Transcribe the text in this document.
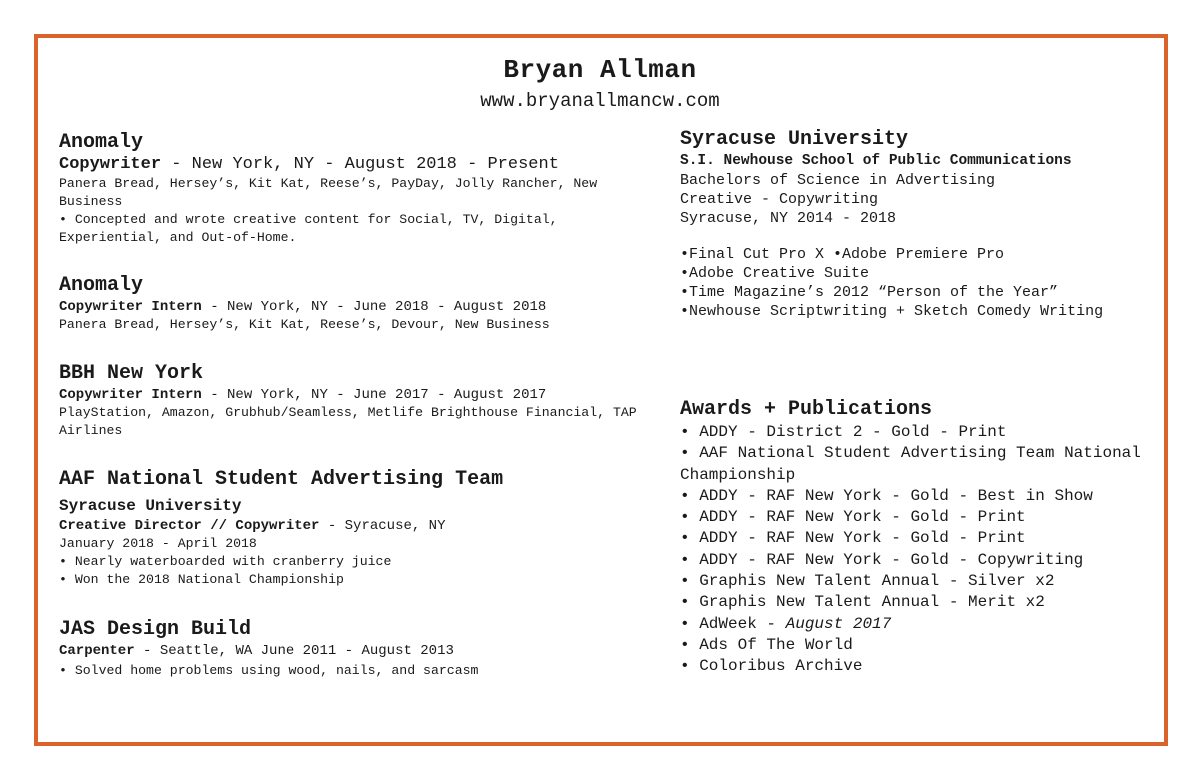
Bryan Allman
www.bryanallmancw.com
Anomaly
Copywriter - New York, NY - August 2018 - Present
Panera Bread, Hersey’s, Kit Kat, Reese’s, PayDay, Jolly Rancher, New Business
• Concepted and wrote creative content for Social, TV, Digital, Experiential, and Out-of-Home.
Anomaly
Copywriter Intern - New York, NY - June 2018 - August 2018
Panera Bread, Hersey’s, Kit Kat, Reese’s, Devour, New Business
BBH New York
Copywriter Intern - New York, NY - June 2017 - August 2017
PlayStation, Amazon, Grubhub/Seamless, Metlife Brighthouse Financial, TAP Airlines
AAF National Student Advertising Team
Syracuse University
Creative Director // Copywriter - Syracuse, NY
January 2018 - April 2018
• Nearly waterboarded with cranberry juice
• Won the 2018 National Championship
JAS Design Build
Carpenter - Seattle, WA June 2011 - August 2013
• Solved home problems using wood, nails, and sarcasm
Syracuse University
S.I. Newhouse School of Public Communications
Bachelors of Science in Advertising
Creative - Copywriting
Syracuse, NY 2014 - 2018
•Final Cut Pro X •Adobe Premiere Pro
•Adobe Creative Suite
•Time Magazine’s 2012 “Person of the Year”
•Newhouse Scriptwriting + Sketch Comedy Writing
Awards + Publications
• ADDY - District 2 - Gold - Print
• AAF National Student Advertising Team National Championship
• ADDY - RAF New York - Gold - Best in Show
• ADDY - RAF New York - Gold - Print
• ADDY - RAF New York - Gold - Print
• ADDY - RAF New York - Gold - Copywriting
• Graphis New Talent Annual - Silver x2
• Graphis New Talent Annual - Merit x2
• AdWeek - August 2017
• Ads Of The World
• Coloribus Archive
